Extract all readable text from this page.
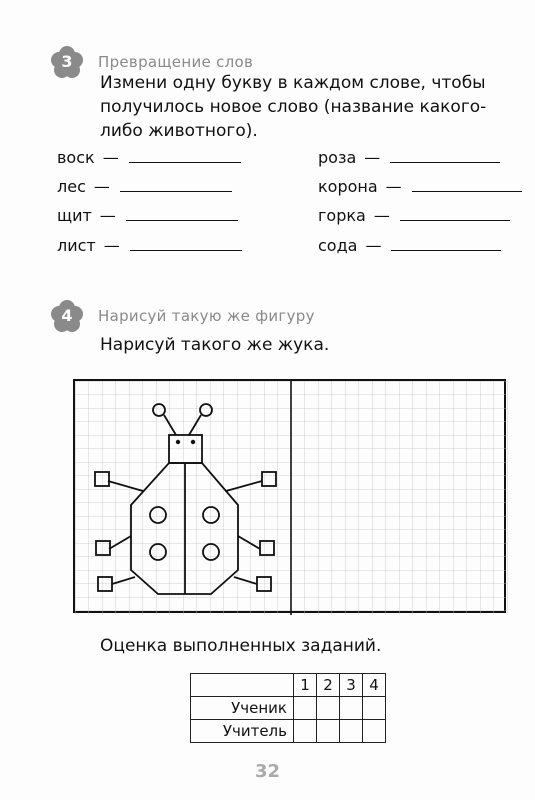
3	Превращение слов
Измени одну букву в каждом слове, чтобы получилось новое слово (название какого-либо животного).
воск —
лес —
щит —
лист —
роза —
корона —
горка —
сода —
4	Нарисуй такую же фигуру
Нарисуй такого же жука.
Оценка выполненных заданий.
	1	2	3	4
Ученик				
Учитель				
32
